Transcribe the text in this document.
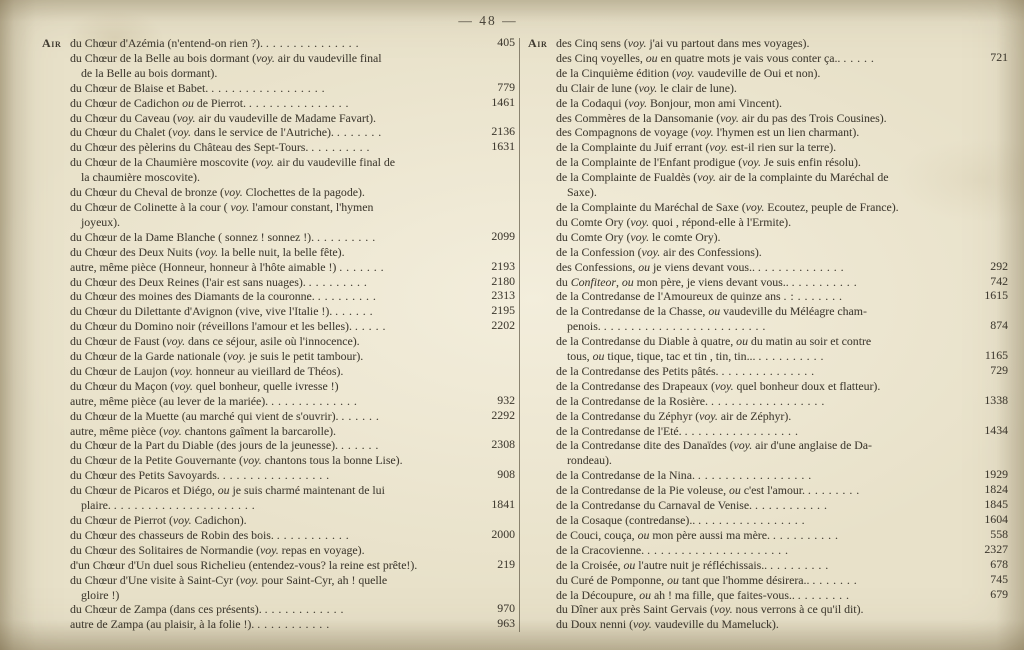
— 48 —
Air du Chœur d'Azémia (n'entend-on rien ?). . . . . . . . . . . . . . .	405
du Chœur de la Belle au bois dormant (voy. air du vaudeville final
de la Belle au bois dormant).
du Chœur de Blaise et Babet. . . . . . . . . . . . . . . . . .	779
du Chœur de Cadichon ou de Pierrot. . . . . . . . . . . . . . . .	1461
du Chœur du Caveau (voy. air du vaudeville de Madame Favart).
du Chœur du Chalet (voy. dans le service de l'Autriche). . . . . . . .	2136
du Chœur des pèlerins du Château des Sept-Tours. . . . . . . . . .	1631
du Chœur de la Chaumière moscovite (voy. air du vaudeville final de
la chaumière moscovite).
du Chœur du Cheval de bronze (voy. Clochettes de la pagode).
du Chœur de Colinette à la cour ( voy. l'amour constant, l'hymen
joyeux).
du Chœur de la Dame Blanche ( sonnez ! sonnez !). . . . . . . . . .	2099
du Chœur des Deux Nuits (voy. la belle nuit, la belle fête).
autre, même pièce (Honneur, honneur à l'hôte aimable !) . . . . . . .	2193
du Chœur des Deux Reines (l'air est sans nuages). . . . . . . . . .	2180
du Chœur des moines des Diamants de la couronne. . . . . . . . . .	2313
du Chœur du Dilettante d'Avignon (vive, vive l'Italie !). . . . . . .	2195
du Chœur du Domino noir (réveillons l'amour et les belles). . . . . .	2202
du Chœur de Faust (voy. dans ce séjour, asile où l'innocence).
du Chœur de la Garde nationale (voy. je suis le petit tambour).
du Chœur de Laujon (voy. honneur au vieillard de Théos).
du Chœur du Maçon (voy. quel bonheur, quelle ivresse !)
autre, même pièce (au lever de la mariée). . . . . . . . . . . . . .	932
du Chœur de la Muette (au marché qui vient de s'ouvrir). . . . . . .	2292
autre, même pièce (voy. chantons gaîment la barcarolle).
du Chœur de la Part du Diable (des jours de la jeunesse). . . . . . .	2308
du Chœur de la Petite Gouvernante (voy. chantons tous la bonne Lise).
du Chœur des Petits Savoyards. . . . . . . . . . . . . . . . .	908
du Chœur de Picaros et Diégo, ou je suis charmé maintenant de lui
plaire. . . . . . . . . . . . . . . . . . . . . .	1841
du Chœur de Pierrot (voy. Cadichon).
du Chœur des chasseurs de Robin des bois. . . . . . . . . . . .	2000
du Chœur des Solitaires de Normandie (voy. repas en voyage).
d'un Chœur d'Un duel sous Richelieu (entendez-vous? la reine est prête!).	219
du Chœur d'Une visite à Saint-Cyr (voy. pour Saint-Cyr, ah ! quelle
gloire !)
du Chœur de Zampa (dans ces présents). . . . . . . . . . . . .	970
autre de Zampa (au plaisir, à la folie !). . . . . . . . . . . .	963
Air des Cinq sens (voy. j'ai vu partout dans mes voyages).
des Cinq voyelles, ou en quatre mots je vais vous conter ça.. . . . . .	721
de la Cinquième édition (voy. vaudeville de Oui et non).
du Clair de lune (voy. le clair de lune).
de la Codaqui (voy. Bonjour, mon ami Vincent).
des Commères de la Dansomanie (voy. air du pas des Trois Cousines).
des Compagnons de voyage (voy. l'hymen est un lien charmant).
de la Complainte du Juif errant (voy. est-il rien sur la terre).
de la Complainte de l'Enfant prodigue (voy. Je suis enfin résolu).
de la Complainte de Fualdès (voy. air de la complainte du Maréchal de
Saxe).
de la Complainte du Maréchal de Saxe (voy. Ecoutez, peuple de France).
du Comte Ory (voy. quoi , répond-elle à l'Ermite).
du Comte Ory (voy. le comte Ory).
de la Confession (voy. air des Confessions).
des Confessions, ou je viens devant vous.. . . . . . . . . . . . . .	292
du Confiteor, ou mon père, je viens devant vous.. . . . . . . . . . .	742
de la Contredanse de l'Amoureux de quinze ans . : . . . . . . .	1615
de la Contredanse de la Chasse, ou vaudeville du Méléagre cham-
penois. . . . . . . . . . . . . . . . . . . . . . . . .	874
de la Contredanse du Diable à quatre, ou du matin au soir et contre
tous, ou tique, tique, tac et tin , tin, tin... . . . . . . . . . .	1165
de la Contredanse des Petits pâtés. . . . . . . . . . . . . . .	729
de la Contredanse des Drapeaux (voy. quel bonheur doux et flatteur).
de la Contredanse de la Rosière. . . . . . . . . . . . . . . . . .	1338
de la Contredanse du Zéphyr (voy. air de Zéphyr).
de la Contredanse de l'Eté. . . . . . . . . . . . . . . . . .	1434
de la Contredanse dite des Danaïdes (voy. air d'une anglaise de Da-
rondeau).
de la Contredanse de la Nina. . . . . . . . . . . . . . . . . .	1929
de la Contredanse de la Pie voleuse, ou c'est l'amour. . . . . . . . .	1824
de la Contredanse du Carnaval de Venise. . . . . . . . . . . .	1845
de la Cosaque (contredanse).. . . . . . . . . . . . . . . . .	1604
de Couci, couça, ou mon père aussi ma mère. . . . . . . . . . .	558
de la Cracovienne. . . . . . . . . . . . . . . . . . . . . .	2327
de la Croisée, ou l'autre nuit je réfléchissais.. . . . . . . . . .	678
du Curé de Pomponne, ou tant que l'homme désirera.. . . . . . . .	745
de la Découpure, ou ah ! ma fille, que faites-vous.. . . . . . . . .	679
du Dîner aux près Saint Gervais (voy. nous verrons à ce qu'il dit).
du Doux nenni (voy. vaudeville du Mameluck).
